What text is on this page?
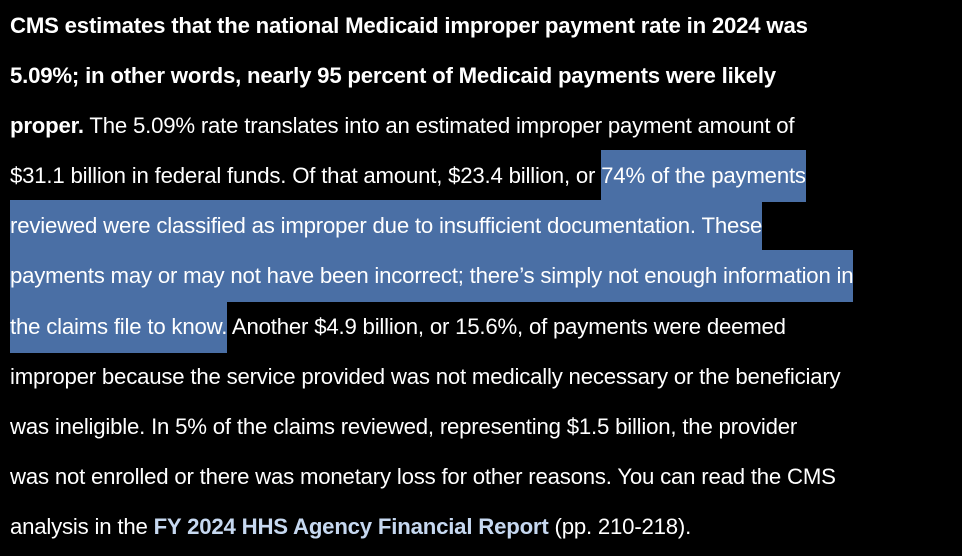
CMS estimates that the national Medicaid improper payment rate in 2024 was
5.09%; in other words, nearly 95 percent of Medicaid payments were likely
proper. The 5.09% rate translates into an estimated improper payment amount of
$31.1 billion in federal funds. Of that amount, $23.4 billion, or 74% of the payments
reviewed were classified as improper due to insufficient documentation. These
payments may or may not have been incorrect; there’s simply not enough information in
the claims file to know. Another $4.9 billion, or 15.6%, of payments were deemed
improper because the service provided was not medically necessary or the beneficiary
was ineligible. In 5% of the claims reviewed, representing $1.5 billion, the provider
was not enrolled or there was monetary loss for other reasons. You can read the CMS
analysis in the FY 2024 HHS Agency Financial Report (pp. 210-218).
